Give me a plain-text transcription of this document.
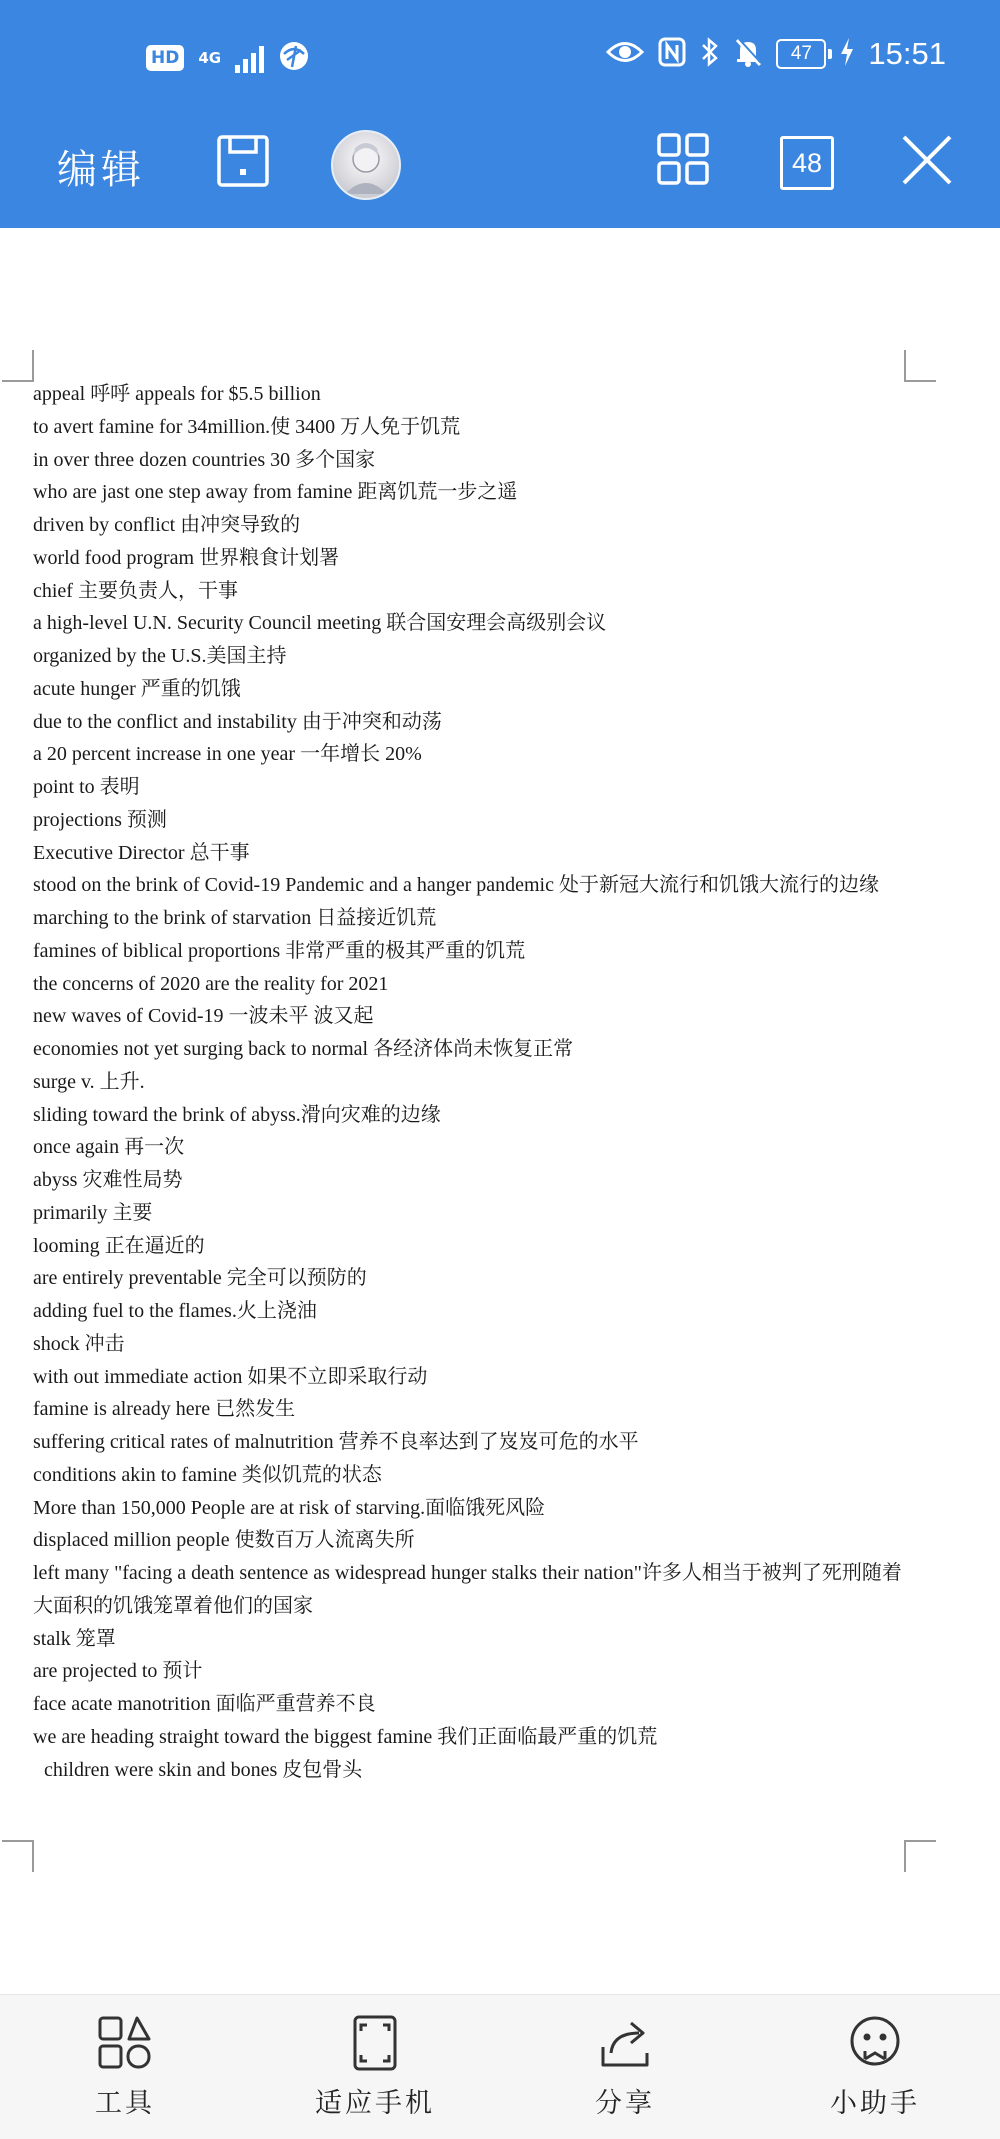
HD	4G	47	15:51
编辑	48
appeal 呼呼 appeals for $5.5 billion
to avert famine for 34million.使 3400 万人免于饥荒
in over three dozen countries 30 多个国家
who are jast one step away from famine 距离饥荒一步之遥
driven by conflict 由冲突导致的
world food program 世界粮食计划署
chief 主要负责人，干事
a high-level U.N. Security Council meeting 联合国安理会高级别会议
organized by the U.S.美国主持
acute hunger 严重的饥饿
due to the conflict and instability 由于冲突和动荡
a 20 percent increase in one year 一年增长 20%
point to 表明
projections 预测
Executive Director 总干事
stood on the brink of Covid-19 Pandemic and a hanger pandemic 处于新冠大流行和饥饿大流行的边缘
marching to the brink of starvation 日益接近饥荒
famines of biblical proportions 非常严重的极其严重的饥荒
the concerns of 2020 are the reality for 2021
new waves of Covid-19 一波未平 波又起
economies not yet surging back to normal 各经济体尚未恢复正常
surge v. 上升.
sliding toward the brink of abyss.滑向灾难的边缘
once again 再一次
abyss 灾难性局势
primarily 主要
looming 正在逼近的
are entirely preventable 完全可以预防的
adding fuel to the flames.火上浇油
shock 冲击
with out immediate action 如果不立即采取行动
famine is already here 已然发生
suffering critical rates of malnutrition 营养不良率达到了岌岌可危的水平
conditions akin to famine 类似饥荒的状态
More than 150,000 People are at risk of starving.面临饿死风险
displaced million people 使数百万人流离失所
left many "facing a death sentence as widespread hunger stalks their nation"许多人相当于被判了死刑随着大面积的饥饿笼罩着他们的国家
stalk 笼罩
are projected to 预计
face acate manotrition 面临严重营养不良
we are heading straight toward the biggest famine 我们正面临最严重的饥荒
children were skin and bones 皮包骨头
工具	适应手机	分享	小助手
